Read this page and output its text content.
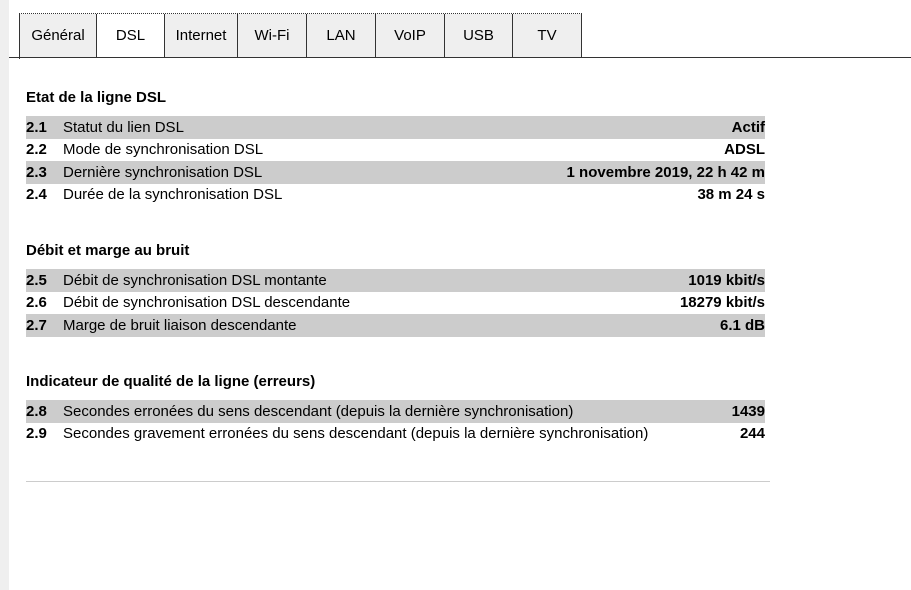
Général	DSL	Internet	Wi-Fi	LAN	VoIP	USB	TV
Etat de la ligne DSL
2.1	Statut du lien DSL	Actif
2.2	Mode de synchronisation DSL	ADSL
2.3	Dernière synchronisation DSL	1 novembre 2019, 22 h 42 m
2.4	Durée de la synchronisation DSL	38 m 24 s
Débit et marge au bruit
2.5	Débit de synchronisation DSL montante	1019 kbit/s
2.6	Débit de synchronisation DSL descendante	18279 kbit/s
2.7	Marge de bruit liaison descendante	6.1 dB
Indicateur de qualité de la ligne (erreurs)
2.8	Secondes erronées du sens descendant (depuis la dernière synchronisation)	1439
2.9	Secondes gravement erronées du sens descendant (depuis la dernière synchronisation)	244
